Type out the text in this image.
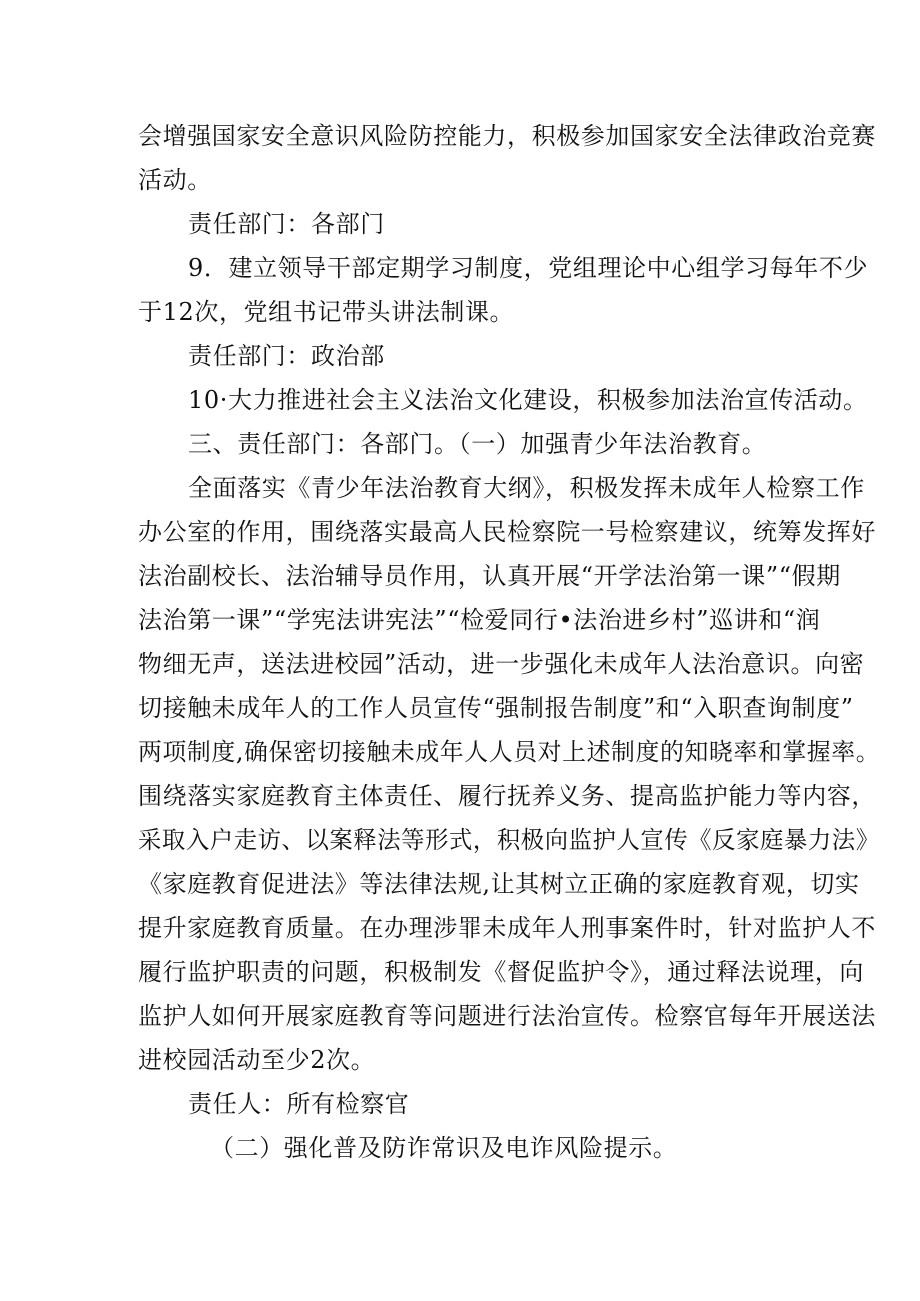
会增强国家安全意识风险防控能力，积极参加国家安全法律政治竞赛
活动。
责任部门：各部门
9．建立领导干部定期学习制度，党组理论中心组学习每年不少
于12次，党组书记带头讲法制课。
责任部门：政治部
10·大力推进社会主义法治文化建设，积极参加法治宣传活动。
三、责任部门：各部门。（一）加强青少年法治教育。
全面落实《青少年法治教育大纲》，积极发挥未成年人检察工作
办公室的作用，围绕落实最高人民检察院一号检察建议，统筹发挥好
法治副校长、法治辅导员作用，认真开展“开学法治第一课”“假期
法治第一课”“学宪法讲宪法”“检爱同行•法治进乡村”巡讲和“润
物细无声，送法进校园”活动，进一步强化未成年人法治意识。向密
切接触未成年人的工作人员宣传“强制报告制度”和“入职查询制度”
两项制度,确保密切接触未成年人人员对上述制度的知晓率和掌握率。
围绕落实家庭教育主体责任、履行抚养义务、提高监护能力等内容，
采取入户走访、以案释法等形式，积极向监护人宣传《反家庭暴力法》
《家庭教育促进法》等法律法规,让其树立正确的家庭教育观，切实
提升家庭教育质量。在办理涉罪未成年人刑事案件时，针对监护人不
履行监护职责的问题，积极制发《督促监护令》，通过释法说理，向
监护人如何开展家庭教育等问题进行法治宣传。检察官每年开展送法
进校园活动至少2次。
责任人：所有检察官
（二）强化普及防诈常识及电诈风险提示。
